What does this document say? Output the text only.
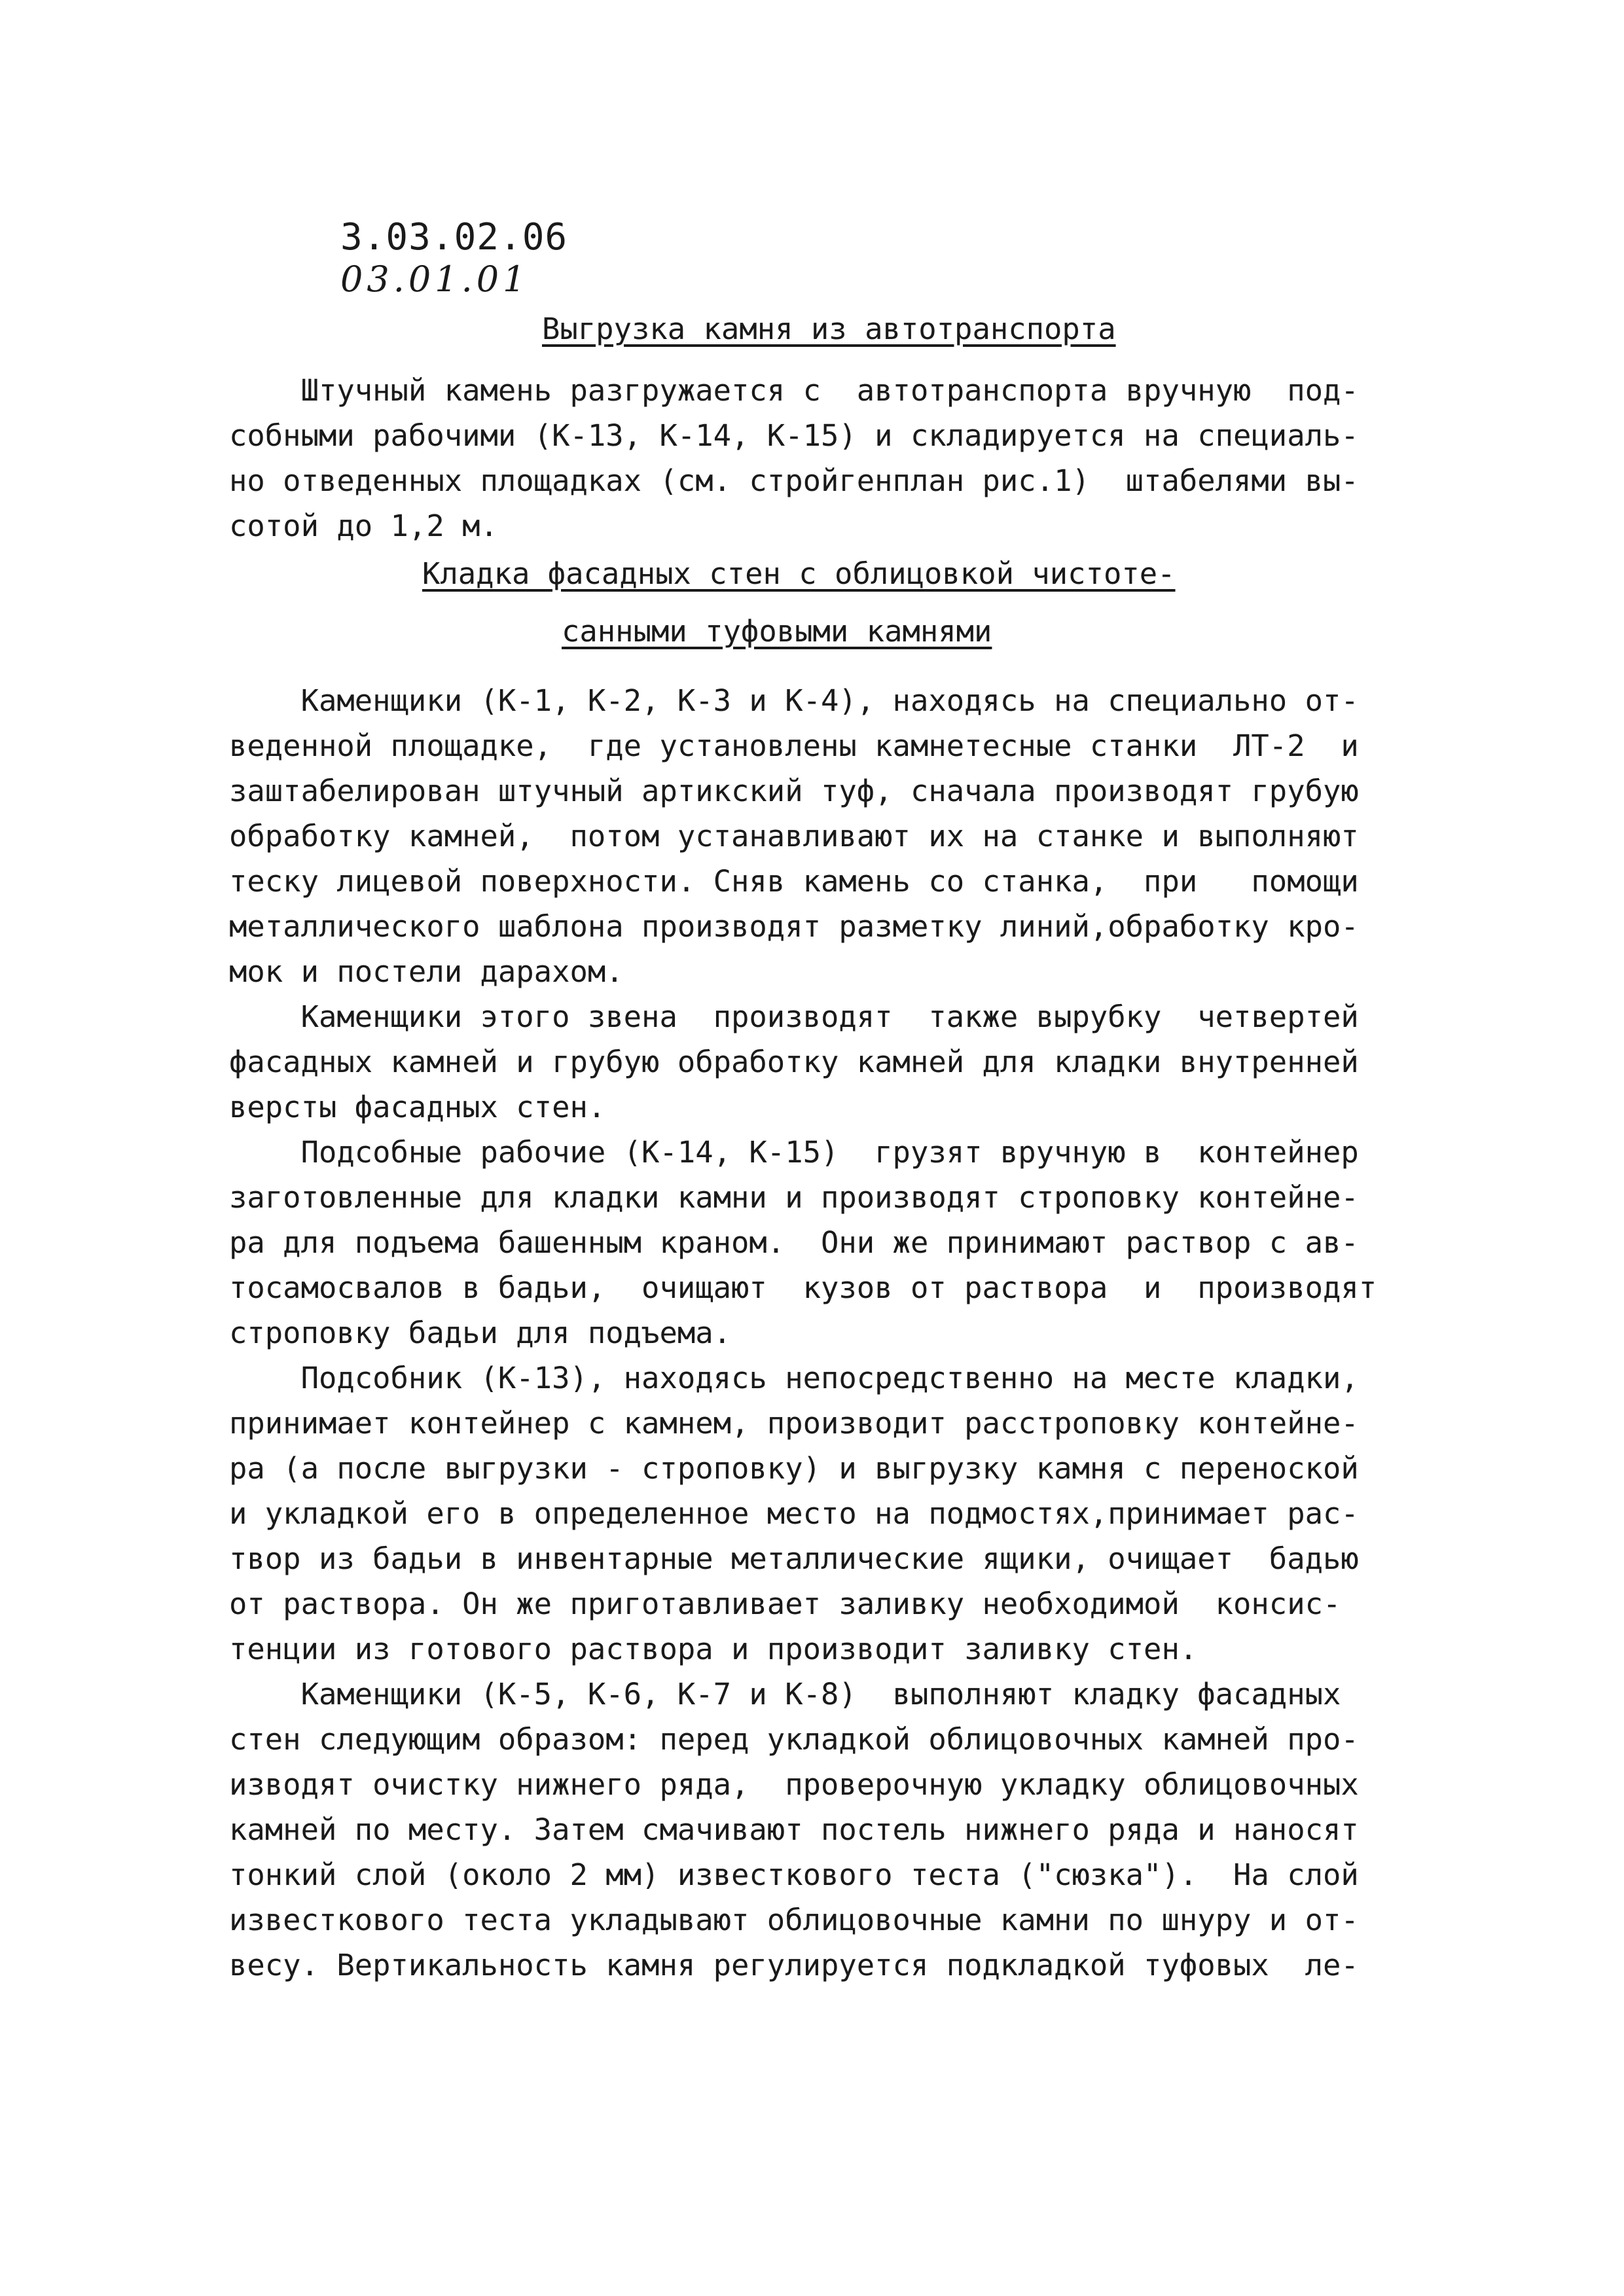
3.03.02.06
03.01.01
Выгрузка камня из автотранспорта
Штучный камень разгружается с  автотранспорта вручную  под-
собными рабочими (К-13, К-14, К-15) и складируется на специаль-
но отведенных площадках (см. стройгенплан рис.1)  штабелями вы-
сотой до 1,2 м.
Кладка фасадных стен с облицовкой чистоте-
санными туфовыми камнями
Каменщики (К-1, К-2, К-3 и К-4), находясь на специально от-
веденной площадке,  где установлены камнетесные станки  ЛТ-2  и
заштабелирован штучный артикский туф, сначала производят грубую
обработку камней,  потом устанавливают их на станке и выполняют
теску лицевой поверхности. Сняв камень со станка,  при   помощи
металлического шаблона производят разметку линий,обработку кро-
мок и постели дарахом.
Каменщики этого звена  производят  также вырубку  четвертей
фасадных камней и грубую обработку камней для кладки внутренней
версты фасадных стен.
Подсобные рабочие (К-14, К-15)  грузят вручную в  контейнер
заготовленные для кладки камни и производят строповку контейне-
ра для подъема башенным краном.  Они же принимают раствор с ав-
тосамосвалов в бадьи,  очищают  кузов от раствора  и  производят
строповку бадьи для подъема.
Подсобник (К-13), находясь непосредственно на месте кладки,
принимает контейнер с камнем, производит расстроповку контейне-
ра (а после выгрузки - строповку) и выгрузку камня с переноской
и укладкой его в определенное место на подмостях,принимает рас-
твор из бадьи в инвентарные металлические ящики, очищает  бадью
от раствора. Он же приготавливает заливку необходимой  консис-
тенции из готового раствора и производит заливку стен.
Каменщики (К-5, К-6, К-7 и К-8)  выполняют кладку фасадных
стен следующим образом: перед укладкой облицовочных камней про-
изводят очистку нижнего ряда,  проверочную укладку облицовочных
камней по месту. Затем смачивают постель нижнего ряда и наносят
тонкий слой (около 2 мм) известкового теста ("сюзка").  На слой
известкового теста укладывают облицовочные камни по шнуру и от-
весу. Вертикальность камня регулируется подкладкой туфовых  ле-
